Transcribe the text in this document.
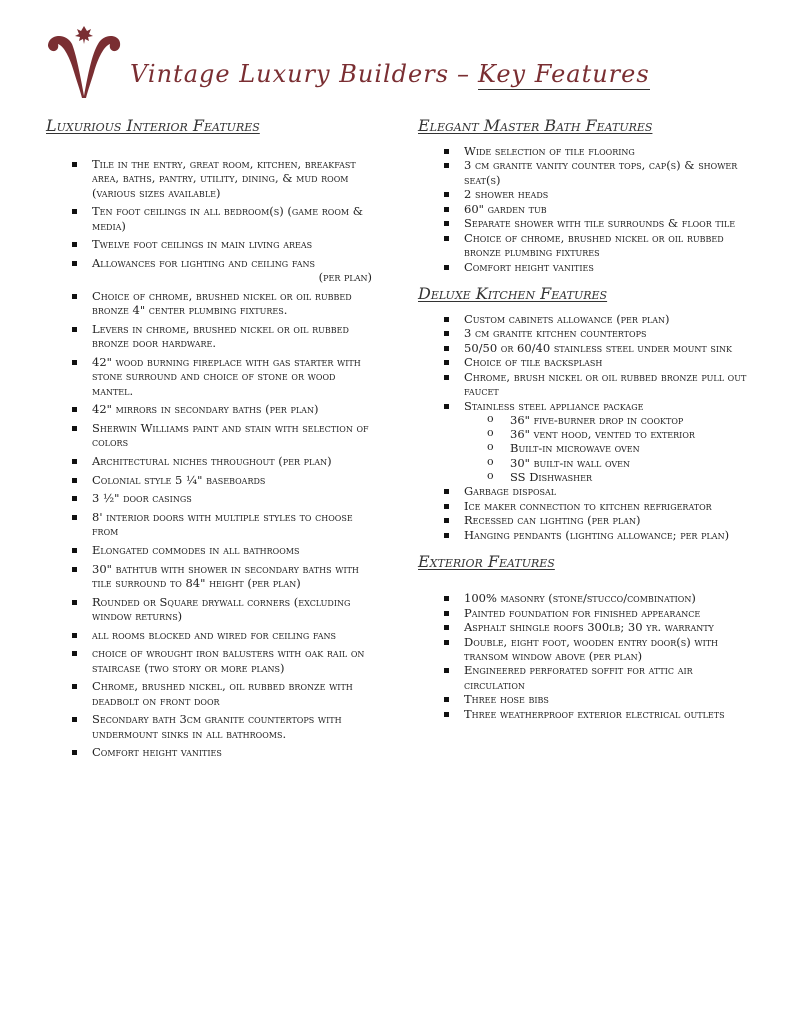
Vintage Luxury Builders – Key Features
Luxurious Interior Features
Tile in the entry, great room, kitchen, breakfast area, baths, pantry, utility, dining, & mud room (various sizes available)
Ten foot ceilings in all bedroom(s) (game room & media)
Twelve foot ceilings in main living areas
Allowances for lighting and ceiling fans
(per plan)
Choice of chrome, brushed nickel or oil rubbed bronze 4" center plumbing fixtures.
Levers in chrome, brushed nickel or oil rubbed bronze door hardware.
42" wood burning fireplace with gas starter with stone surround and choice of stone or wood mantel.
42" mirrors in secondary baths (per plan)
Sherwin Williams paint and stain with selection of colors
Architectural niches throughout (per plan)
Colonial style 5 ¼" baseboards
3 ½" door casings
8' interior doors with multiple styles to choose from
Elongated commodes in all bathrooms
30" bathtub with shower in secondary baths with tile surround to 84" height (per plan)
Rounded or Square drywall corners (excluding window returns)
all rooms blocked and wired for ceiling fans
choice of wrought iron balusters with oak rail on staircase (two story or more plans)
Chrome, brushed nickel, oil rubbed bronze with deadbolt on front door
Secondary bath 3cm granite countertops with undermount sinks in all bathrooms.
Comfort height vanities
Elegant Master Bath Features
Wide selection of tile flooring
3 cm granite vanity counter tops, cap(s) & shower seat(s)
2 shower heads
60" garden tub
Separate shower with tile surrounds & floor tile
Choice of chrome, brushed nickel or oil rubbed bronze plumbing fixtures
Comfort height vanities
Deluxe Kitchen Features
Custom cabinets allowance (per plan)
3 cm granite kitchen countertops
50/50 or 60/40 stainless steel under mount sink
Choice of tile backsplash
Chrome, brush nickel or oil rubbed bronze pull out faucet
Stainless steel appliance package
o 36" five-burner drop in cooktop
o 36" vent hood, vented to exterior
o Built-in microwave oven
o 30" built-in wall oven
o SS Dishwasher
Garbage disposal
Ice maker connection to kitchen refrigerator
Recessed can lighting (per plan)
Hanging pendants (lighting allowance; per plan)
Exterior Features
100% masonry (stone/stucco/combination)
Painted foundation for finished appearance
Asphalt shingle roofs 300lb; 30 yr. warranty
Double, eight foot, wooden entry door(s) with transom window above (per plan)
Engineered perforated soffit for attic air circulation
Three hose bibs
Three weatherproof exterior electrical outlets
